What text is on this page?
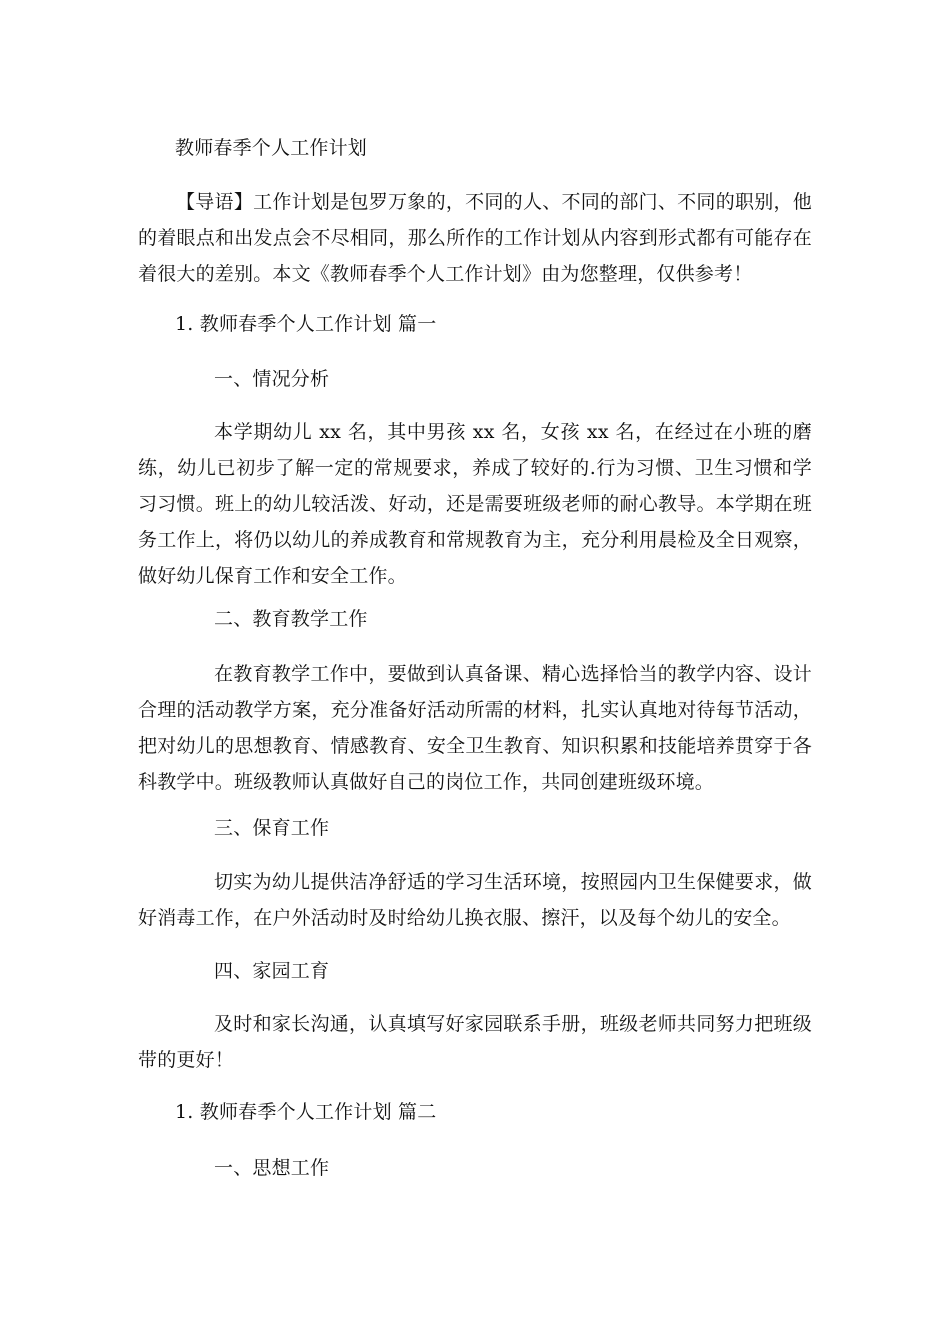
教师春季个人工作计划
【导语】工作计划是包罗万象的，不同的人、不同的部门、不同的职别，他的着眼点和出发点会不尽相同，那么所作的工作计划从内容到形式都有可能存在着很大的差别。本文《教师春季个人工作计划》由为您整理，仅供参考！
1. 教师春季个人工作计划 篇一
一、情况分析
本学期幼儿 xx 名，其中男孩 xx 名，女孩 xx 名，在经过在小班的磨练，幼儿已初步了解一定的常规要求，养成了较好的.行为习惯、卫生习惯和学习习惯。班上的幼儿较活泼、好动，还是需要班级老师的耐心教导。本学期在班务工作上，将仍以幼儿的养成教育和常规教育为主，充分利用晨检及全日观察，做好幼儿保育工作和安全工作。
二、教育教学工作
在教育教学工作中，要做到认真备课、精心选择恰当的教学内容、设计合理的活动教学方案，充分准备好活动所需的材料，扎实认真地对待每节活动，把对幼儿的思想教育、情感教育、安全卫生教育、知识积累和技能培养贯穿于各科教学中。班级教师认真做好自己的岗位工作，共同创建班级环境。
三、保育工作
切实为幼儿提供洁净舒适的学习生活环境，按照园内卫生保健要求，做好消毒工作，在户外活动时及时给幼儿换衣服、擦汗，以及每个幼儿的安全。
四、家园工育
及时和家长沟通，认真填写好家园联系手册，班级老师共同努力把班级带的更好！
1. 教师春季个人工作计划 篇二
一、思想工作
